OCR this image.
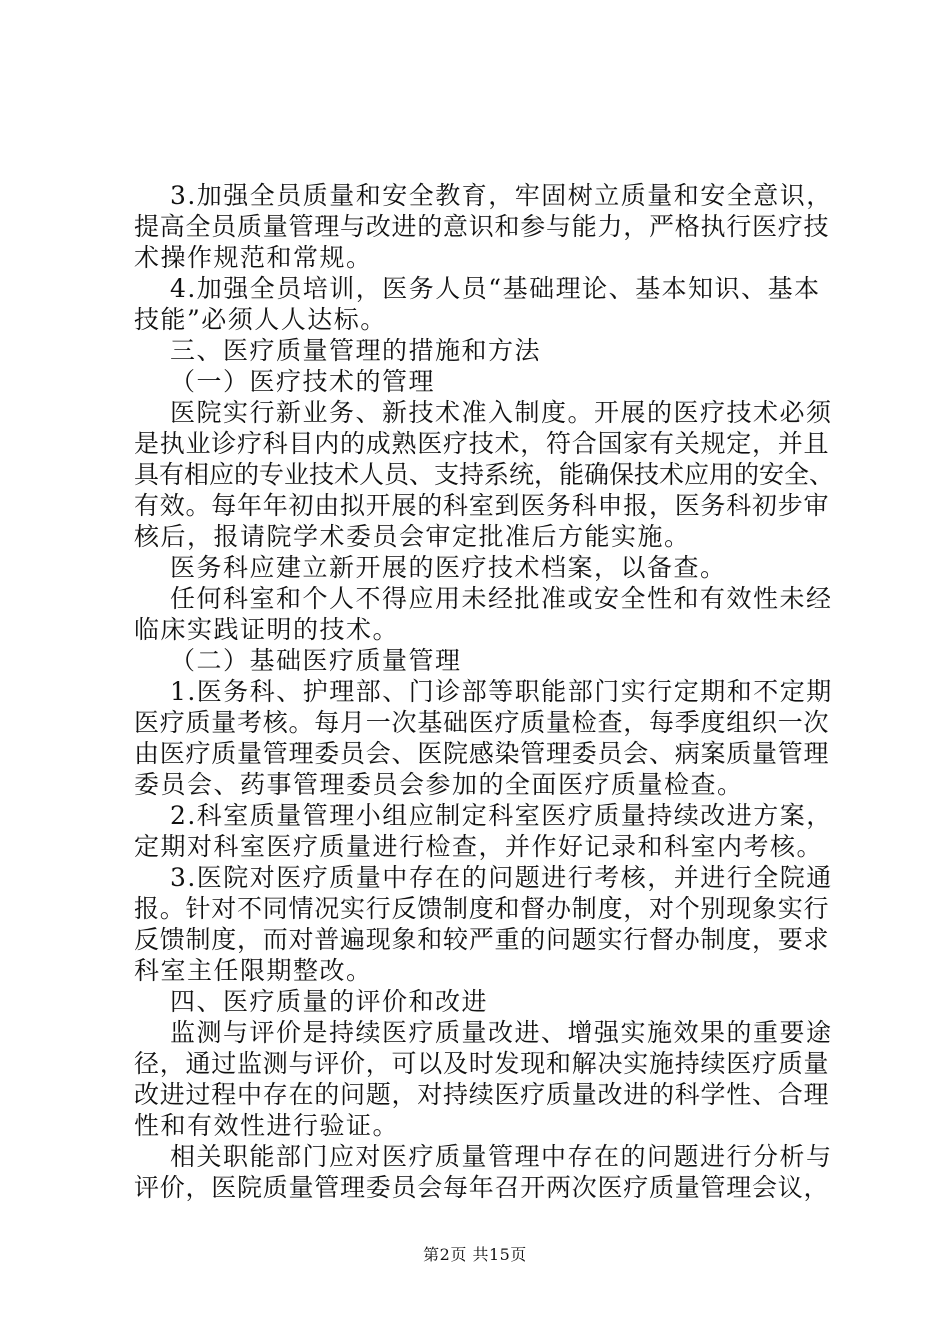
　 3.加强全员质量和安全教育，牢固树立质量和安全意识，
提高全员质量管理与改进的意识和参与能力，严格执行医疗技
术操作规范和常规。
　 4.加强全员培训，医务人员“基础理论、基本知识、基本
技能”必须人人达标。
　 三、医疗质量管理的措施和方法
　 （一）医疗技术的管理
　 医院实行新业务、新技术准入制度。开展的医疗技术必须
是执业诊疗科目内的成熟医疗技术，符合国家有关规定，并且
具有相应的专业技术人员、支持系统，能确保技术应用的安全、
有效。每年年初由拟开展的科室到医务科申报，医务科初步审
核后，报请院学术委员会审定批准后方能实施。
　 医务科应建立新开展的医疗技术档案，以备查。
　 任何科室和个人不得应用未经批准或安全性和有效性未经
临床实践证明的技术。
　 （二）基础医疗质量管理
　 1.医务科、护理部、门诊部等职能部门实行定期和不定期
医疗质量考核。每月一次基础医疗质量检查，每季度组织一次
由医疗质量管理委员会、医院感染管理委员会、病案质量管理
委员会、药事管理委员会参加的全面医疗质量检查。
　 2.科室质量管理小组应制定科室医疗质量持续改进方案，
定期对科室医疗质量进行检查，并作好记录和科室内考核。
　 3.医院对医疗质量中存在的问题进行考核，并进行全院通
报。针对不同情况实行反馈制度和督办制度，对个别现象实行
反馈制度，而对普遍现象和较严重的问题实行督办制度，要求
科室主任限期整改。
　 四、医疗质量的评价和改进
　 监测与评价是持续医疗质量改进、增强实施效果的重要途
径，通过监测与评价，可以及时发现和解决实施持续医疗质量
改进过程中存在的问题，对持续医疗质量改进的科学性、合理
性和有效性进行验证。
　 相关职能部门应对医疗质量管理中存在的问题进行分析与
评价，医院质量管理委员会每年召开两次医疗质量管理会议，
第2页 共15页
